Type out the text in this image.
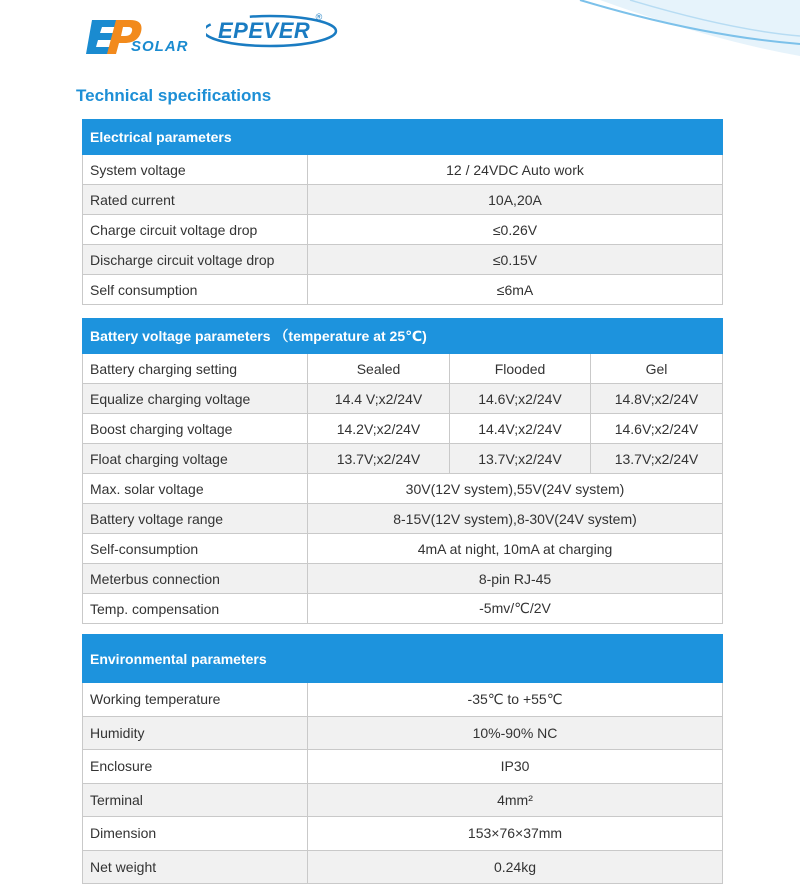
SOLAR
EPEVER
®
Technical specifications
Electrical parameters	
System voltage	12 / 24VDC Auto work
Rated current	10A,20A
Charge circuit voltage drop	≤0.26V
Discharge circuit voltage drop	≤0.15V
Self consumption	≤6mA
Battery voltage parameters （temperature at 25℃)			
Battery charging setting	Sealed	Flooded	Gel
Equalize charging voltage	14.4 V;x2/24V	14.6V;x2/24V	14.8V;x2/24V
Boost charging voltage	14.2V;x2/24V	14.4V;x2/24V	14.6V;x2/24V
Float charging voltage	13.7V;x2/24V	13.7V;x2/24V	13.7V;x2/24V
Max. solar voltage	30V(12V system),55V(24V system)		
Battery voltage range	8-15V(12V system),8-30V(24V system)		
Self-consumption	4mA at night, 10mA at charging		
Meterbus connection	8-pin RJ-45		
Temp. compensation	-5mv/℃/2V		
Environmental parameters	
Working temperature	-35℃ to +55℃
Humidity	10%-90% NC
Enclosure	IP30
Terminal	4mm²
Dimension	153×76×37mm
Net weight	0.24kg
